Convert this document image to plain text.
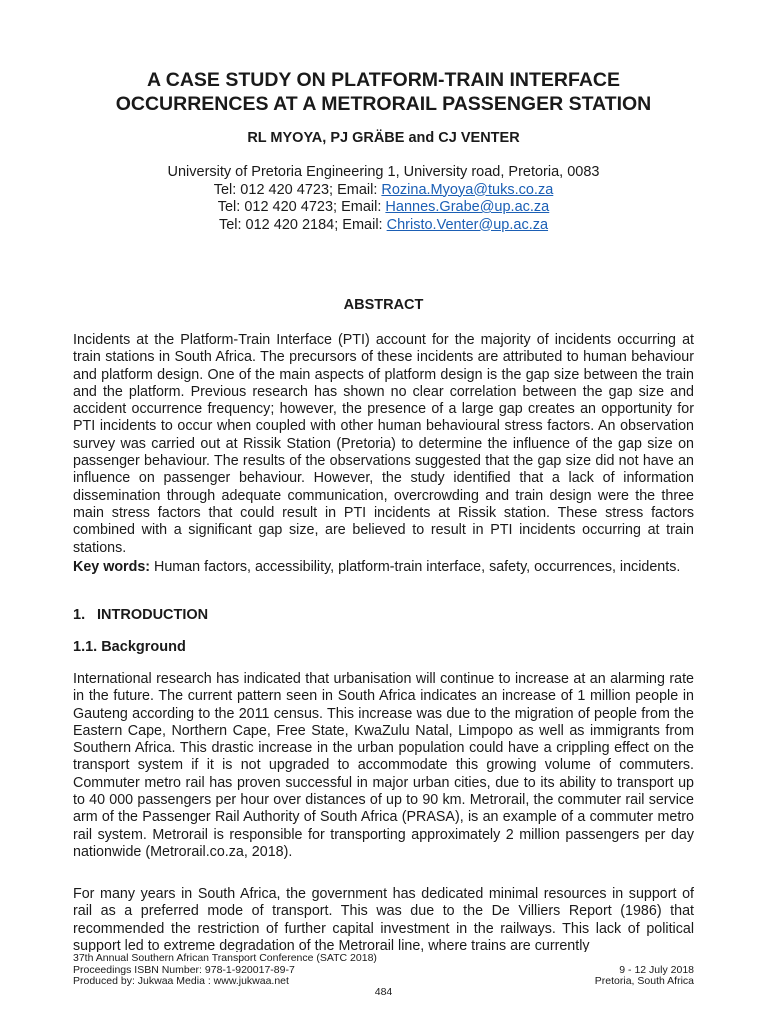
A CASE STUDY ON PLATFORM-TRAIN INTERFACE
OCCURRENCES AT A METRORAIL PASSENGER STATION
RL MYOYA, PJ GRÄBE and CJ VENTER
University of Pretoria Engineering 1, University road, Pretoria, 0083
Tel: 012 420 4723; Email: Rozina.Myoya@tuks.co.za
Tel: 012 420 4723; Email: Hannes.Grabe@up.ac.za
Tel: 012 420 2184; Email: Christo.Venter@up.ac.za
ABSTRACT

Incidents at the Platform-Train Interface (PTI) account for the majority of incidents occurring at train stations in South Africa. The precursors of these incidents are attributed to human behaviour and platform design. One of the main aspects of platform design is the gap size between the train and the platform. Previous research has shown no clear correlation between the gap size and accident occurrence frequency; however, the presence of a large gap creates an opportunity for PTI incidents to occur when coupled with other human behavioural stress factors. An observation survey was carried out at Rissik Station (Pretoria) to determine the influence of the gap size on passenger behaviour. The results of the observations suggested that the gap size did not have an influence on passenger behaviour. However, the study identified that a lack of information dissemination through adequate communication, overcrowding and train design were the three main stress factors that could result in PTI incidents at Rissik station. These stress factors combined with a significant gap size, are believed to result in PTI incidents occurring at train stations.

Key words: Human factors, accessibility, platform-train interface, safety, occurrences, incidents.

1. INTRODUCTION
1.1. Background

International research has indicated that urbanisation will continue to increase at an alarming rate in the future. The current pattern seen in South Africa indicates an increase of 1 million people in Gauteng according to the 2011 census. This increase was due to the migration of people from the Eastern Cape, Northern Cape, Free State, KwaZulu Natal, Limpopo as well as immigrants from Southern Africa. This drastic increase in the urban population could have a crippling effect on the transport system if it is not upgraded to accommodate this growing volume of commuters. Commuter metro rail has proven successful in major urban cities, due to its ability to transport up to 40 000 passengers per hour over distances of up to 90 km. Metrorail, the commuter rail service arm of the Passenger Rail Authority of South Africa (PRASA), is an example of a commuter metro rail system. Metrorail is responsible for transporting approximately 2 million passengers per day nationwide (Metrorail.co.za, 2018).

For many years in South Africa, the government has dedicated minimal resources in support of rail as a preferred mode of transport. This was due to the De Villiers Report (1986) that recommended the restriction of further capital investment in the railways. This lack of political support led to extreme degradation of the Metrorail line, where trains are currently

37th Annual Southern African Transport Conference (SATC 2018)
Proceedings ISBN Number: 978-1-920017-89-7
Produced by: Jukwaa Media : www.jukwaa.net
9 - 12 July 2018
Pretoria, South Africa
484
